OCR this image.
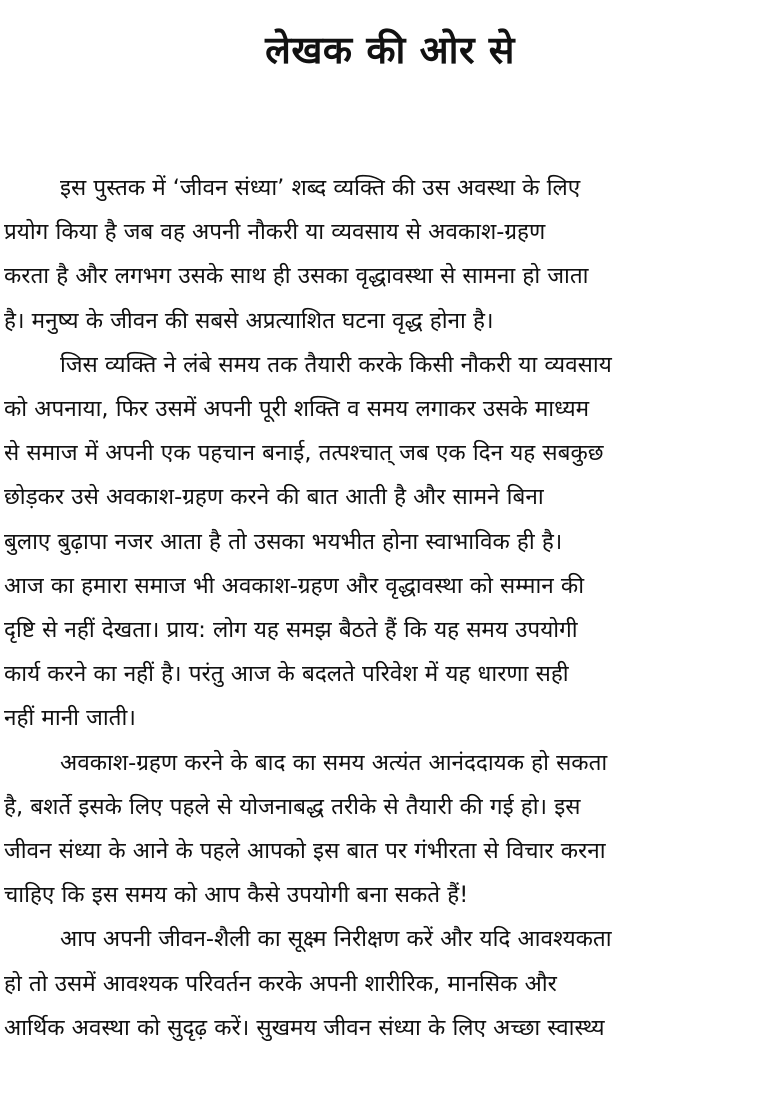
लेखक की ओर से

इस पुस्तक में ‘जीवन संध्या’ शब्द व्यक्ति की उस अवस्था के लिए
प्रयोग किया है जब वह अपनी नौकरी या व्यवसाय से अवकाश-ग्रहण
करता है और लगभग उसके साथ ही उसका वृद्धावस्था से सामना हो जाता
है। मनुष्य के जीवन की सबसे अप्रत्याशित घटना वृद्ध होना है।

जिस व्यक्ति ने लंबे समय तक तैयारी करके किसी नौकरी या व्यवसाय
को अपनाया, फिर उसमें अपनी पूरी शक्ति व समय लगाकर उसके माध्यम
से समाज में अपनी एक पहचान बनाई, तत्पश्चात् जब एक दिन यह सबकुछ
छोड़कर उसे अवकाश-ग्रहण करने की बात आती है और सामने बिना
बुलाए बुढ़ापा नजर आता है तो उसका भयभीत होना स्वाभाविक ही है।
आज का हमारा समाज भी अवकाश-ग्रहण और वृद्धावस्था को सम्मान की
दृष्टि से नहीं देखता। प्राय: लोग यह समझ बैठते हैं कि यह समय उपयोगी
कार्य करने का नहीं है। परंतु आज के बदलते परिवेश में यह धारणा सही
नहीं मानी जाती।

अवकाश-ग्रहण करने के बाद का समय अत्यंत आनंददायक हो सकता
है, बशर्ते इसके लिए पहले से योजनाबद्ध तरीके से तैयारी की गई हो। इस
जीवन संध्या के आने के पहले आपको इस बात पर गंभीरता से विचार करना
चाहिए कि इस समय को आप कैसे उपयोगी बना सकते हैं!

आप अपनी जीवन-शैली का सूक्ष्म निरीक्षण करें और यदि आवश्यकता
हो तो उसमें आवश्यक परिवर्तन करके अपनी शारीरिक, मानसिक और
आर्थिक अवस्था को सुदृढ़ करें। सुखमय जीवन संध्या के लिए अच्छा स्वास्थ्य
